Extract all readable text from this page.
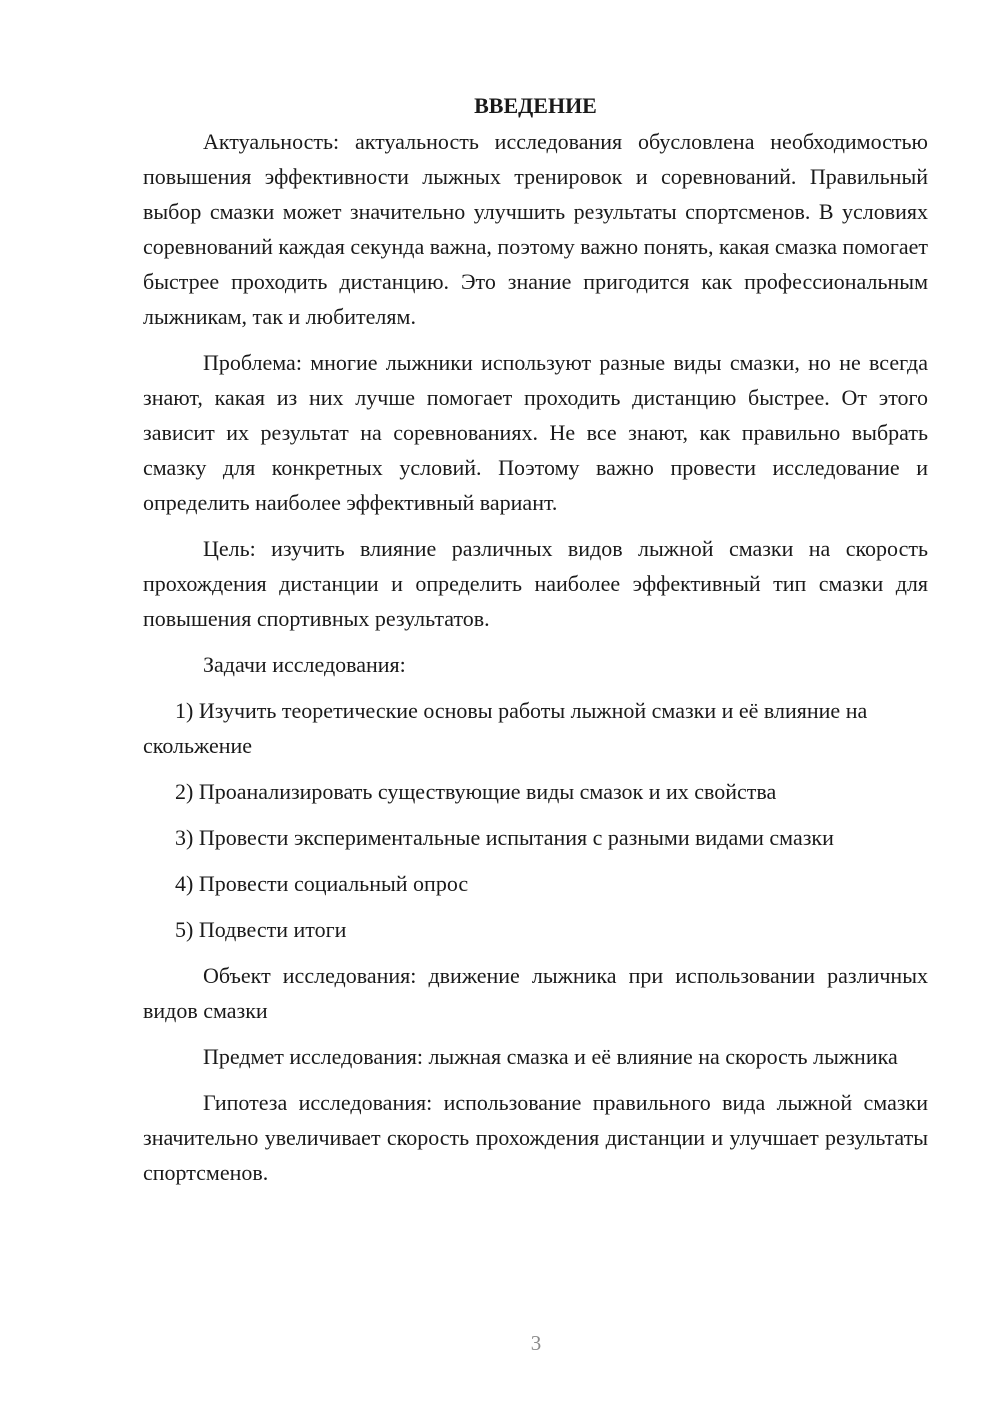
ВВЕДЕНИЕ

Актуальность: актуальность исследования обусловлена необходимостью повышения эффективности лыжных тренировок и соревнований. Правильный выбор смазки может значительно улучшить результаты спортсменов. В условиях соревнований каждая секунда важна, поэтому важно понять, какая смазка помогает быстрее проходить дистанцию. Это знание пригодится как профессиональным лыжникам, так и любителям.

Проблема: многие лыжники используют разные виды смазки, но не всегда знают, какая из них лучше помогает проходить дистанцию быстрее. От этого зависит их результат на соревнованиях. Не все знают, как правильно выбрать смазку для конкретных условий. Поэтому важно провести исследование и определить наиболее эффективный вариант.

Цель: изучить влияние различных видов лыжной смазки на скорость прохождения дистанции и определить наиболее эффективный тип смазки для повышения спортивных результатов.

Задачи исследования:

1) Изучить теоретические основы работы лыжной смазки и её влияние на скольжение

2) Проанализировать существующие виды смазок и их свойства

3) Провести экспериментальные испытания с разными видами смазки

4) Провести социальный опрос

5) Подвести итоги

Объект исследования: движение лыжника при использовании различных видов смазки

Предмет исследования: лыжная смазка и её влияние на скорость лыжника

Гипотеза исследования: использование правильного вида лыжной смазки значительно увеличивает скорость прохождения дистанции и улучшает результаты спортсменов.

3
